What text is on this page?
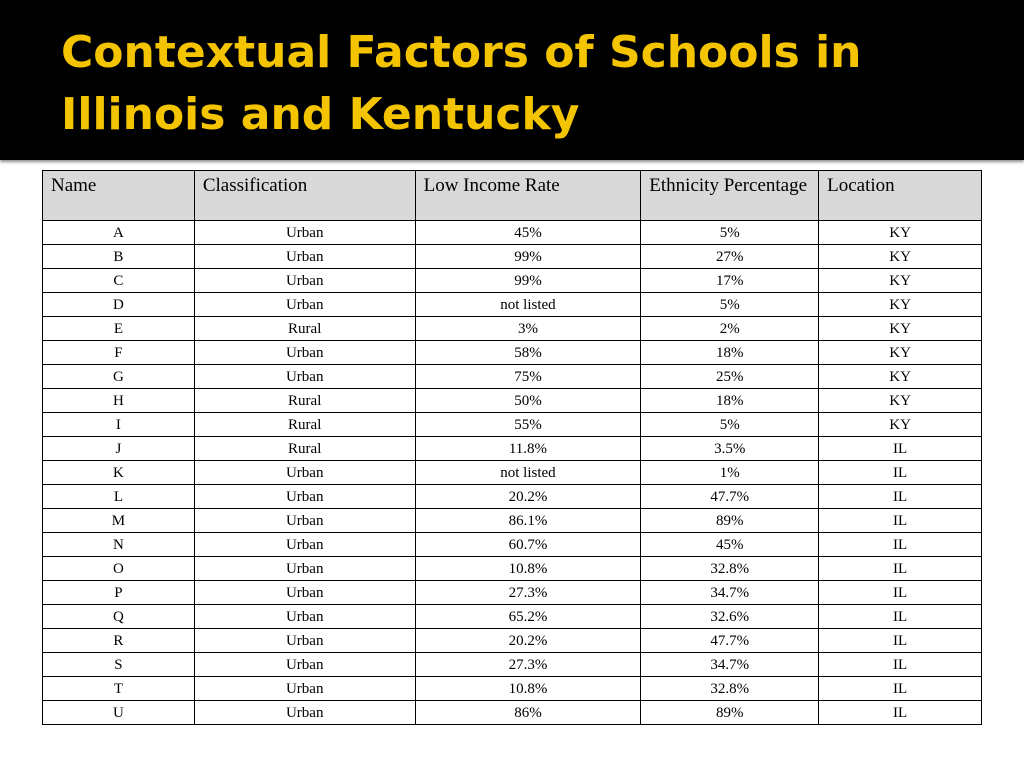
Contextual Factors of Schools in Illinois and Kentucky
Name	Classification	Low Income Rate	Ethnicity Percentage	Location
A	Urban	45%	5%	KY
B	Urban	99%	27%	KY
C	Urban	99%	17%	KY
D	Urban	not listed	5%	KY
E	Rural	3%	2%	KY
F	Urban	58%	18%	KY
G	Urban	75%	25%	KY
H	Rural	50%	18%	KY
I	Rural	55%	5%	KY
J	Rural	11.8%	3.5%	IL
K	Urban	not listed	1%	IL
L	Urban	20.2%	47.7%	IL
M	Urban	86.1%	89%	IL
N	Urban	60.7%	45%	IL
O	Urban	10.8%	32.8%	IL
P	Urban	27.3%	34.7%	IL
Q	Urban	65.2%	32.6%	IL
R	Urban	20.2%	47.7%	IL
S	Urban	27.3%	34.7%	IL
T	Urban	10.8%	32.8%	IL
U	Urban	86%	89%	IL
